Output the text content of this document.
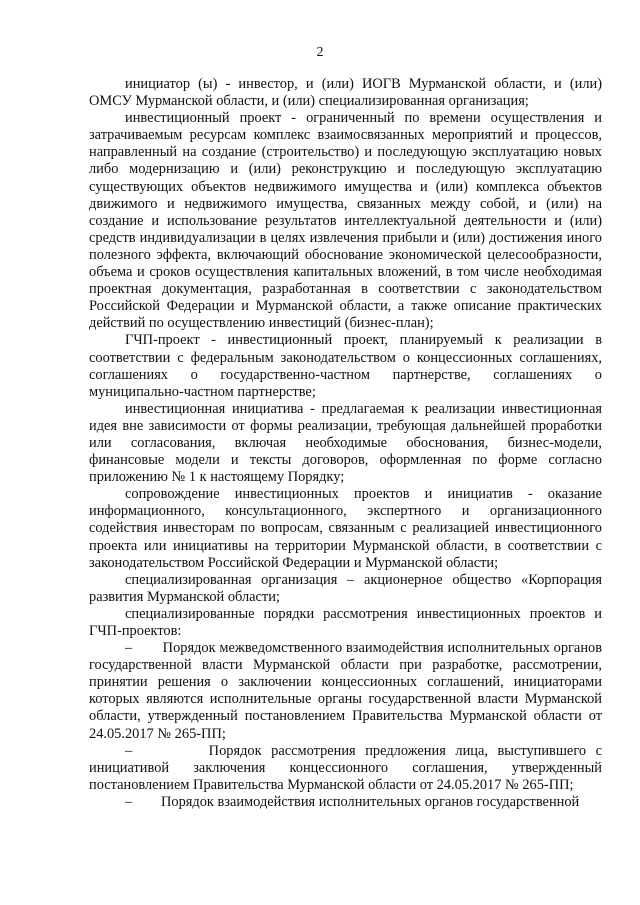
2

инициатор (ы) - инвестор, и (или) ИОГВ Мурманской области, и (или) ОМСУ Мурманской области, и (или) специализированная организация;

инвестиционный проект - ограниченный по времени осуществления и затрачиваемым ресурсам комплекс взаимосвязанных мероприятий и процессов, направленный на создание (строительство) и последующую эксплуатацию новых либо модернизацию и (или) реконструкцию и последующую эксплуатацию существующих объектов недвижимого имущества и (или) комплекса объектов движимого и недвижимого имущества, связанных между собой, и (или) на создание и использование результатов интеллектуальной деятельности и (или) средств индивидуализации в целях извлечения прибыли и (или) достижения иного полезного эффекта, включающий обоснование экономической целесообразности, объема и сроков осуществления капитальных вложений, в том числе необходимая проектная документация, разработанная в соответствии с законодательством Российской Федерации и Мурманской области, а также описание практических действий по осуществлению инвестиций (бизнес-план);

ГЧП-проект - инвестиционный проект, планируемый к реализации в соответствии с федеральным законодательством о концессионных соглашениях, соглашениях о государственно-частном партнерстве, соглашениях о муниципально-частном партнерстве;

инвестиционная инициатива - предлагаемая к реализации инвестиционная идея вне зависимости от формы реализации, требующая дальнейшей проработки или согласования, включая необходимые обоснования, бизнес-модели, финансовые модели и тексты договоров, оформленная по форме согласно приложению № 1 к настоящему Порядку;

сопровождение инвестиционных проектов и инициатив - оказание информационного, консультационного, экспертного и организационного содействия инвесторам по вопросам, связанным с реализацией инвестиционного проекта или инициативы на территории Мурманской области, в соответствии с законодательством Российской Федерации и Мурманской области;

специализированная организация – акционерное общество «Корпорация развития Мурманской области;

специализированные порядки рассмотрения инвестиционных проектов и ГЧП-проектов:

– Порядок межведомственного взаимодействия исполнительных органов государственной власти Мурманской области при разработке, рассмотрении, принятии решения о заключении концессионных соглашений, инициаторами которых являются исполнительные органы государственной власти Мурманской области, утвержденный постановлением Правительства Мурманской области от 24.05.2017 № 265-ПП;

–	Порядок рассмотрения предложения лица, выступившего с инициативой заключения концессионного соглашения, утвержденный постановлением Правительства Мурманской области от 24.05.2017 № 265-ПП;

– Порядок взаимодействия исполнительных органов государственной
